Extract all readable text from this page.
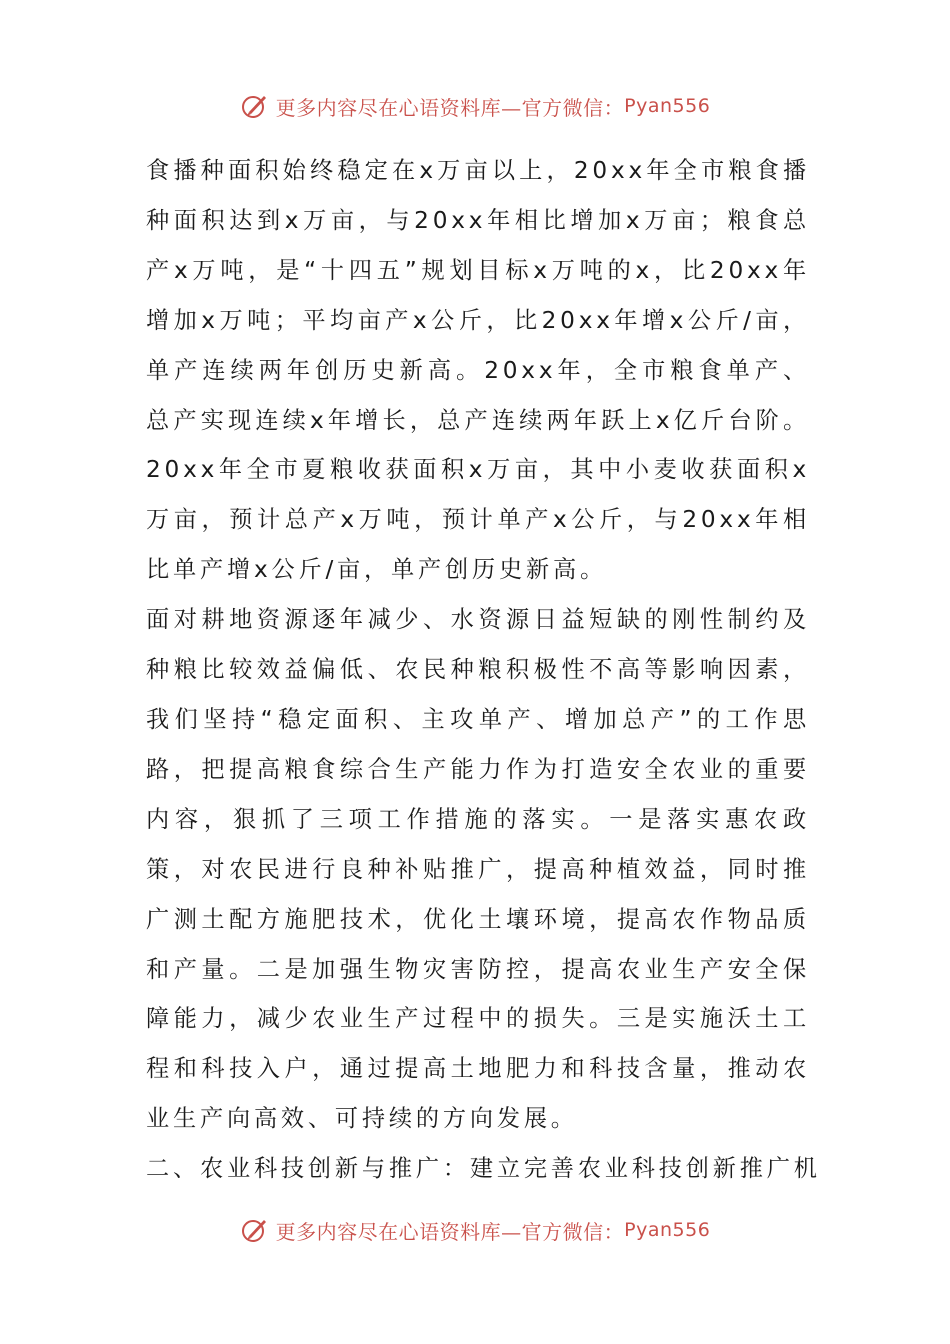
更多内容尽在心语资料库—官方微信： Pyan556

食播种面积始终稳定在x万亩以上，20xx年全市粮食播种面积达到x万亩，与20xx年相比增加x万亩；粮食总产x万吨，是“十四五”规划目标x万吨的x，比20xx年增加x万吨；平均亩产x公斤，比20xx年增x公斤/亩，单产连续两年创历史新高。20xx年，全市粮食单产、总产实现连续x年增长，总产连续两年跃上x亿斤台阶。20xx年全市夏粮收获面积x万亩，其中小麦收获面积x万亩，预计总产x万吨，预计单产x公斤，与20xx年相比单产增x公斤/亩，单产创历史新高。

面对耕地资源逐年减少、水资源日益短缺的刚性制约及种粮比较效益偏低、农民种粮积极性不高等影响因素，我们坚持“稳定面积、主攻单产、增加总产”的工作思路，把提高粮食综合生产能力作为打造安全农业的重要内容，狠抓了三项工作措施的落实。一是落实惠农政策，对农民进行良种补贴推广，提高种植效益，同时推广测土配方施肥技术，优化土壤环境，提高农作物品质和产量。二是加强生物灾害防控，提高农业生产安全保障能力，减少农业生产过程中的损失。三是实施沃土工程和科技入户，通过提高土地肥力和科技含量，推动农业生产向高效、可持续的方向发展。

二、农业科技创新与推广：建立完善农业科技创新推广机

更多内容尽在心语资料库—官方微信： Pyan556
